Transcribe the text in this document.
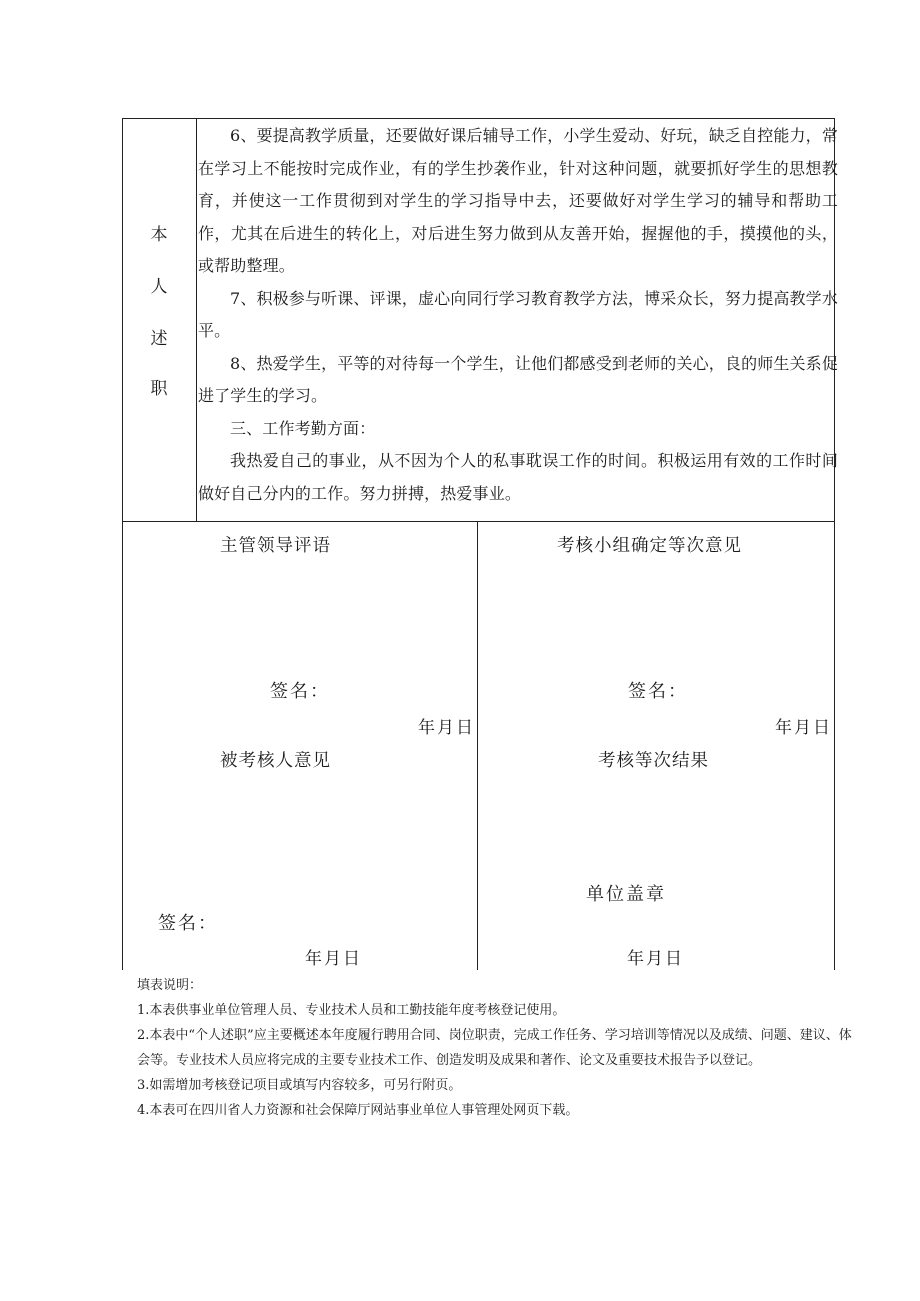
本
人
述
职

6、要提高教学质量，还要做好课后辅导工作，小学生爱动、好玩，缺乏自控能力，常在学习上不能按时完成作业，有的学生抄袭作业，针对这种问题，就要抓好学生的思想教育，并使这一工作贯彻到对学生的学习指导中去，还要做好对学生学习的辅导和帮助工作，尤其在后进生的转化上，对后进生努力做到从友善开始，握握他的手，摸摸他的头，或帮助整理。

7、积极参与听课、评课，虚心向同行学习教育教学方法，博采众长，努力提高教学水平。

8、热爱学生，平等的对待每一个学生，让他们都感受到老师的关心，良的师生关系促进了学生的学习。

三、工作考勤方面：

我热爱自己的事业，从不因为个人的私事耽误工作的时间。积极运用有效的工作时间做好自己分内的工作。努力拼搏，热爱事业。

主管领导评语
签名：
年月日
考核小组确定等次意见
签名：
年月日
被考核人意见
签名：
年月日
考核等次结果
单位盖章
年月日
填表说明：
1.本表供事业单位管理人员、专业技术人员和工勤技能年度考核登记使用。
2.本表中“个人述职”应主要概述本年度履行聘用合同、岗位职责，完成工作任务、学习培训等情况以及成绩、问题、建议、体会等。专业技术人员应将完成的主要专业技术工作、创造发明及成果和著作、论文及重要技术报告予以登记。
3.如需增加考核登记项目或填写内容较多，可另行附页。
4.本表可在四川省人力资源和社会保障厅网站事业单位人事管理处网页下载。
